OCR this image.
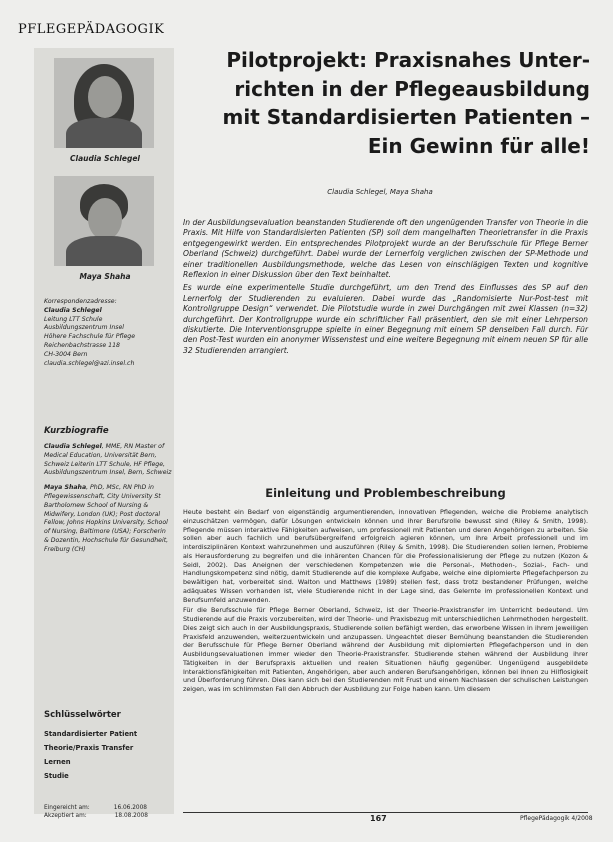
PFLEGEPÄDAGOGIK
Claudia Schlegel
Maya Shaha
Korrespondenzadresse:
Claudia Schlegel
Leitung LTT Schule
Ausbildungszentrum Insel
Höhere Fachschule für Pflege
Reichenbachstrasse 118
CH-3004 Bern
claudia.schlegel@azi.insel.ch
Kurzbiografie

Claudia Schlegel, MME, RN Master of Medical Education, Universität Bern, Schweiz Leiterin LTT Schule, HF Pflege, Ausbildungszentrum Insel, Bern, Schweiz

Maya Shaha, PhD, MSc, RN PhD in Pflegewissenschaft, City University St Bartholomew School of Nursing & Midwifery, London (UK); Post doctoral Fellow, Johns Hopkins University, School of Nursing, Baltimore (USA); Forscherin & Dozentin, Hochschule für Gesundheit, Freiburg (CH)

Schlüsselwörter
Standardisierter Patient
Theorie/Praxis Transfer
Lernen
Studie
Eingereicht am:	16.06.2008
Akzeptiert am:	18.08.2008
Pilotprojekt: Praxisnahes Unter-
richten in der Pflegeausbildung
mit Standardisierten Patienten –
Ein Gewinn für alle!
Claudia Schlegel, Maya Shaha

In der Ausbildungsevaluation beanstanden Studierende oft den ungenügenden Transfer von Theorie in die Praxis. Mit Hilfe von Standardisierten Patienten (SP) soll dem mangelhaften Theorietransfer in die Praxis entgegengewirkt werden. Ein entsprechendes Pilotprojekt wurde an der Berufsschule für Pflege Berner Oberland (Schweiz) durchgeführt. Dabei wurde der Lernerfolg verglichen zwischen der SP-Methode und einer traditionellen Ausbildungsmethode, welche das Lesen von einschlägigen Texten und kognitive Reflexion in einer Diskussion über den Text beinhaltet.

Es wurde eine experimentelle Studie durchgeführt, um den Trend des Einflusses des SP auf den Lernerfolg der Studierenden zu evaluieren. Dabei wurde das „Randomisierte Nur-Post-test mit Kontrollgruppe Design“ verwendet. Die Pilotstudie wurde in zwei Durchgängen mit zwei Klassen (n=32) durchgeführt. Der Kontrollgruppe wurde ein schriftlicher Fall präsentiert, den sie mit einer Lehrperson diskutierte. Die Interventionsgruppe spielte in einer Begegnung mit einem SP denselben Fall durch. Für den Post-Test wurden ein anonymer Wissenstest und eine weitere Begegnung mit einem neuen SP für alle 32 Studierenden arrangiert.

Einleitung und Problembeschreibung

Heute besteht ein Bedarf von eigenständig argumentierenden, innovativen Pflegenden, welche die Probleme analytisch einzuschätzen vermögen, dafür Lösungen entwickeln können und ihrer Berufsrolle bewusst sind (Riley & Smith, 1998). Pflegende müssen interaktive Fähigkeiten aufweisen, um professionell mit Patienten und deren Angehörigen zu arbeiten. Sie sollen aber auch fachlich und berufsübergreifend erfolgreich agieren können, um ihre Arbeit professionell und im interdisziplinären Kontext wahrzunehmen und auszuführen (Riley & Smith, 1998). Die Studierenden sollen lernen, Probleme als Herausforderung zu begreifen und die inhärenten Chancen für die Professionalisierung der Pflege zu nutzen (Kozon & Seidl, 2002). Das Aneignen der verschiedenen Kompetenzen wie die Personal-, Methoden-, Sozial-, Fach- und Handlungskompetenz sind nötig, damit Studierende auf die komplexe Aufgabe, welche eine diplomierte Pflegefachperson zu bewältigen hat, vorbereitet sind. Walton und Matthews (1989) stellen fest, dass trotz bestandener Prüfungen, welche adäquates Wissen vorhanden ist, viele Studierende nicht in der Lage sind, das Gelernte im professionellen Kontext und Berufsumfeld anzuwenden.

Für die Berufsschule für Pflege Berner Oberland, Schweiz, ist der Theorie-Praxistransfer im Unterricht bedeutend. Um Studierende auf die Praxis vorzubereiten, wird der Theorie- und Praxisbezug mit unterschiedlichen Lehrmethoden hergestellt. Dies zeigt sich auch in der Ausbildungspraxis, Studierende sollen befähigt werden, das erworbene Wissen in ihrem jeweiligen Praxisfeld anzuwenden, weiterzuentwickeln und anzupassen. Ungeachtet dieser Bemühung beanstanden die Studierenden der Berufsschule für Pflege Berner Oberland während der Ausbildung mit diplomierten Pflegefachperson und in den Ausbildungsevaluationen immer wieder den Theorie-Praxistransfer. Studierende stehen während der Ausbildung ihrer Tätigkeiten in der Berufspraxis aktuellen und realen Situationen häufig gegenüber. Ungenügend ausgebildete Interaktionsfähigkeiten mit Patienten, Angehörigen, aber auch anderen Berufsangehörigen, können bei ihnen zu Hilflosigkeit und Überforderung führen. Dies kann sich bei den Studierenden mit Frust und einem Nachlassen der schulischen Leistungen zeigen, was im schlimmsten Fall den Abbruch der Ausbildung zur Folge haben kann. Um diesem

167	PflegePädagogik 4/2008
